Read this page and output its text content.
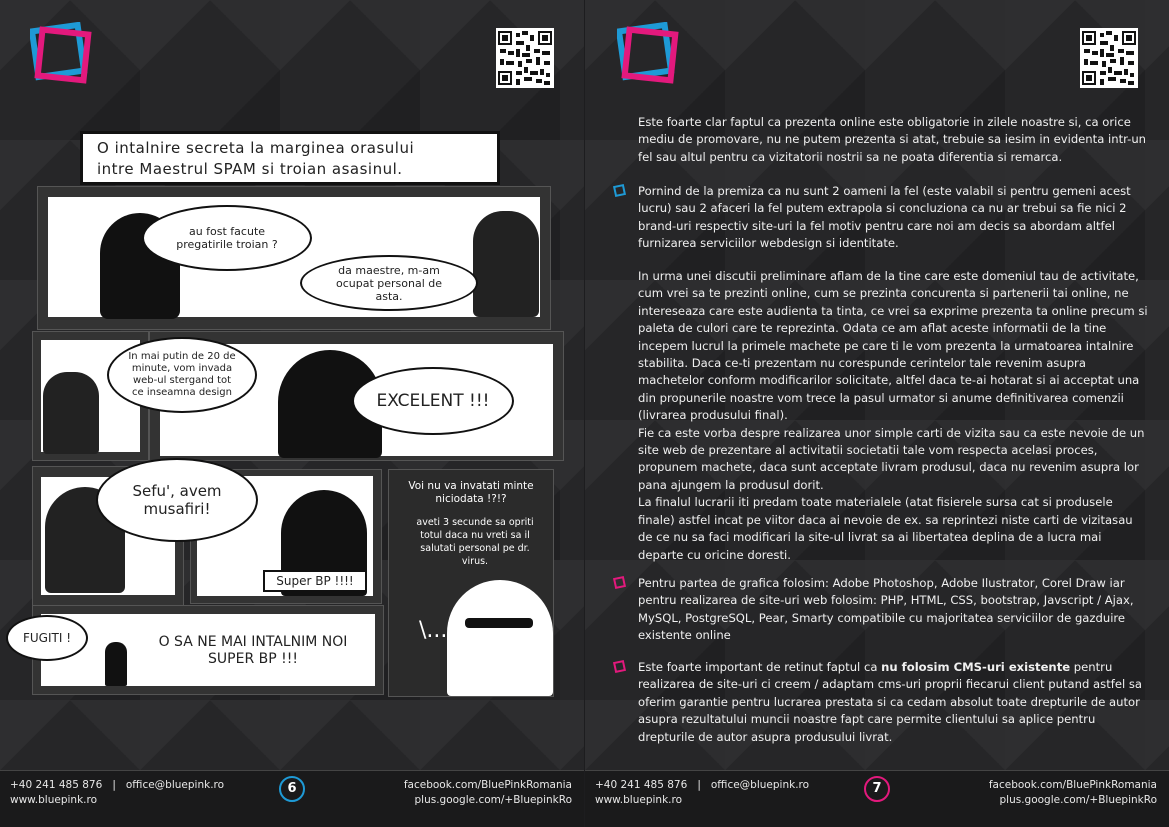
O intalnire secreta la marginea orasului
intre Maestrul SPAM si troian asasinul.
au fost facute pregatirile troian ?
da maestre, m-am ocupat personal de asta.
EXCELENT !!!
In mai putin de 20 de minute, vom invada web-ul stergand tot ce inseamna design
Super BP !!!!
Sefu', avem musafiri!
Voi nu va invatati minte niciodata !?!?
aveti 3 secunde sa opriti totul daca nu vreti sa il salutati personal pe dr. virus.
\...
O SA NE MAI INTALNIM NOI SUPER BP !!!
FUGITI !

Este foarte clar faptul ca prezenta online este obligatorie in zilele noastre si, ca orice mediu de promovare, nu ne putem prezenta si atat, trebuie sa iesim in evidenta intr-un fel sau altul pentru ca vizitatorii nostrii sa ne poata diferentia si remarca.

Pornind de la premiza ca nu sunt 2 oameni la fel (este valabil si pentru gemeni acest lucru) sau 2 afaceri la fel putem extrapola si concluziona ca nu ar trebui sa fie nici 2 brand-uri respectiv site-uri la fel motiv pentru care noi am decis sa abordam altfel furnizarea serviciilor webdesign si identitate.

In urma unei discutii preliminare aflam de la tine care este domeniul tau de activitate, cum vrei sa te prezinti online, cum se prezinta concurenta si partenerii tai online, ne intereseaza care este audienta ta tinta, ce vrei sa exprime prezenta ta online precum si paleta de culori care te reprezinta. Odata ce am aflat aceste informatii de la tine incepem lucrul la primele machete pe care ti le vom prezenta la urmatoarea intalnire stabilita. Daca ce-ti prezentam nu corespunde cerintelor tale revenim asupra machetelor conform modificarilor solicitate, altfel daca te-ai hotarat si ai acceptat una din propunerile noastre vom trece la pasul urmator si anume definitivarea comenzii (livrarea produsului final).

Fie ca este vorba despre realizarea unor simple carti de vizita sau ca este nevoie de un site web de prezentare al activitatii societatii tale vom respecta acelasi proces, propunem machete, daca sunt acceptate livram produsul, daca nu revenim asupra lor pana ajungem la produsul dorit.

La finalul lucrarii iti predam toate materialele (atat fisierele sursa cat si produsele finale) astfel incat pe viitor daca ai nevoie de ex. sa reprintezi niste carti de vizitasau de ce nu sa faci modificari la site-ul livrat sa ai libertatea deplina de a lucra mai departe cu oricine doresti.

Pentru partea de grafica folosim: Adobe Photoshop, Adobe Ilustrator, Corel Draw iar pentru realizarea de site-uri web folosim: PHP, HTML, CSS, bootstrap, Javscript / Ajax, MySQL, PostgreSQL, Pear, Smarty compatibile cu majoritatea serviciilor de gazduire existente online

Este foarte important de retinut faptul ca nu folosim CMS-uri existente pentru realizarea de site-uri ci creem / adaptam cms-uri proprii fiecarui client putand astfel sa oferim garantie pentru lucrarea prestata si ca cedam absolut toate drepturile de autor asupra rezultatului muncii noastre fapt care permite clientului sa aplice pentru drepturile de autor asupra produsului livrat.

+40 241 485 876 | office@bluepink.ro
www.bluepink.ro
6	facebook.com/BluePinkRomania
plus.google.com/+BluepinkRo
+40 241 485 876 | office@bluepink.ro
www.bluepink.ro
7	facebook.com/BluePinkRomania
plus.google.com/+BluepinkRo
